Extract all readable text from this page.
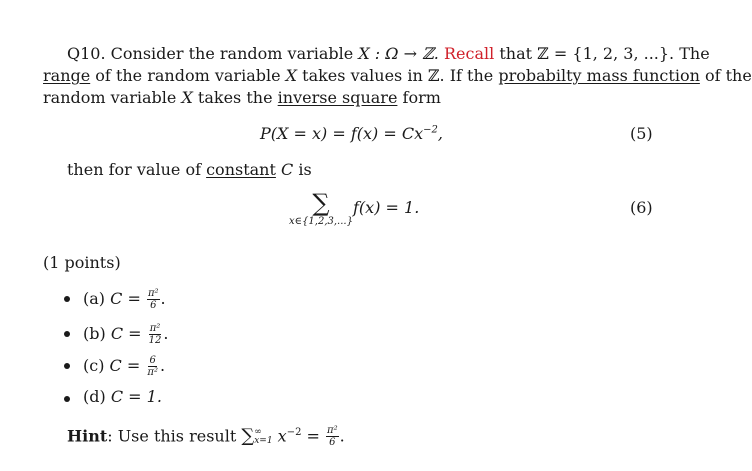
Q10. Consider the random variable X : Ω → ℤ. Recall that ℤ = {1, 2, 3, ...}. The
range of the random variable X takes values in ℤ. If the probabilty mass function of the
random variable X takes the inverse square form
$P(X = x) = f(x) = Cx^{-2}$,	(5)
then for value of constant C is
∑
x∈{1,2,3,...}
f(x) = 1.	(6)
(1 points)
(a) $C = \frac{\text{π²}}{6}$ .
(b) $C = \frac{\text{π²}}{12}$ .
(c) $C = \frac{6}{\text{π²}}$ .
(d) C = 1.
Hint: Use this result ∑ ∞
x=1 $x^{-2} = \frac{\text{π²}}{6}$ .
